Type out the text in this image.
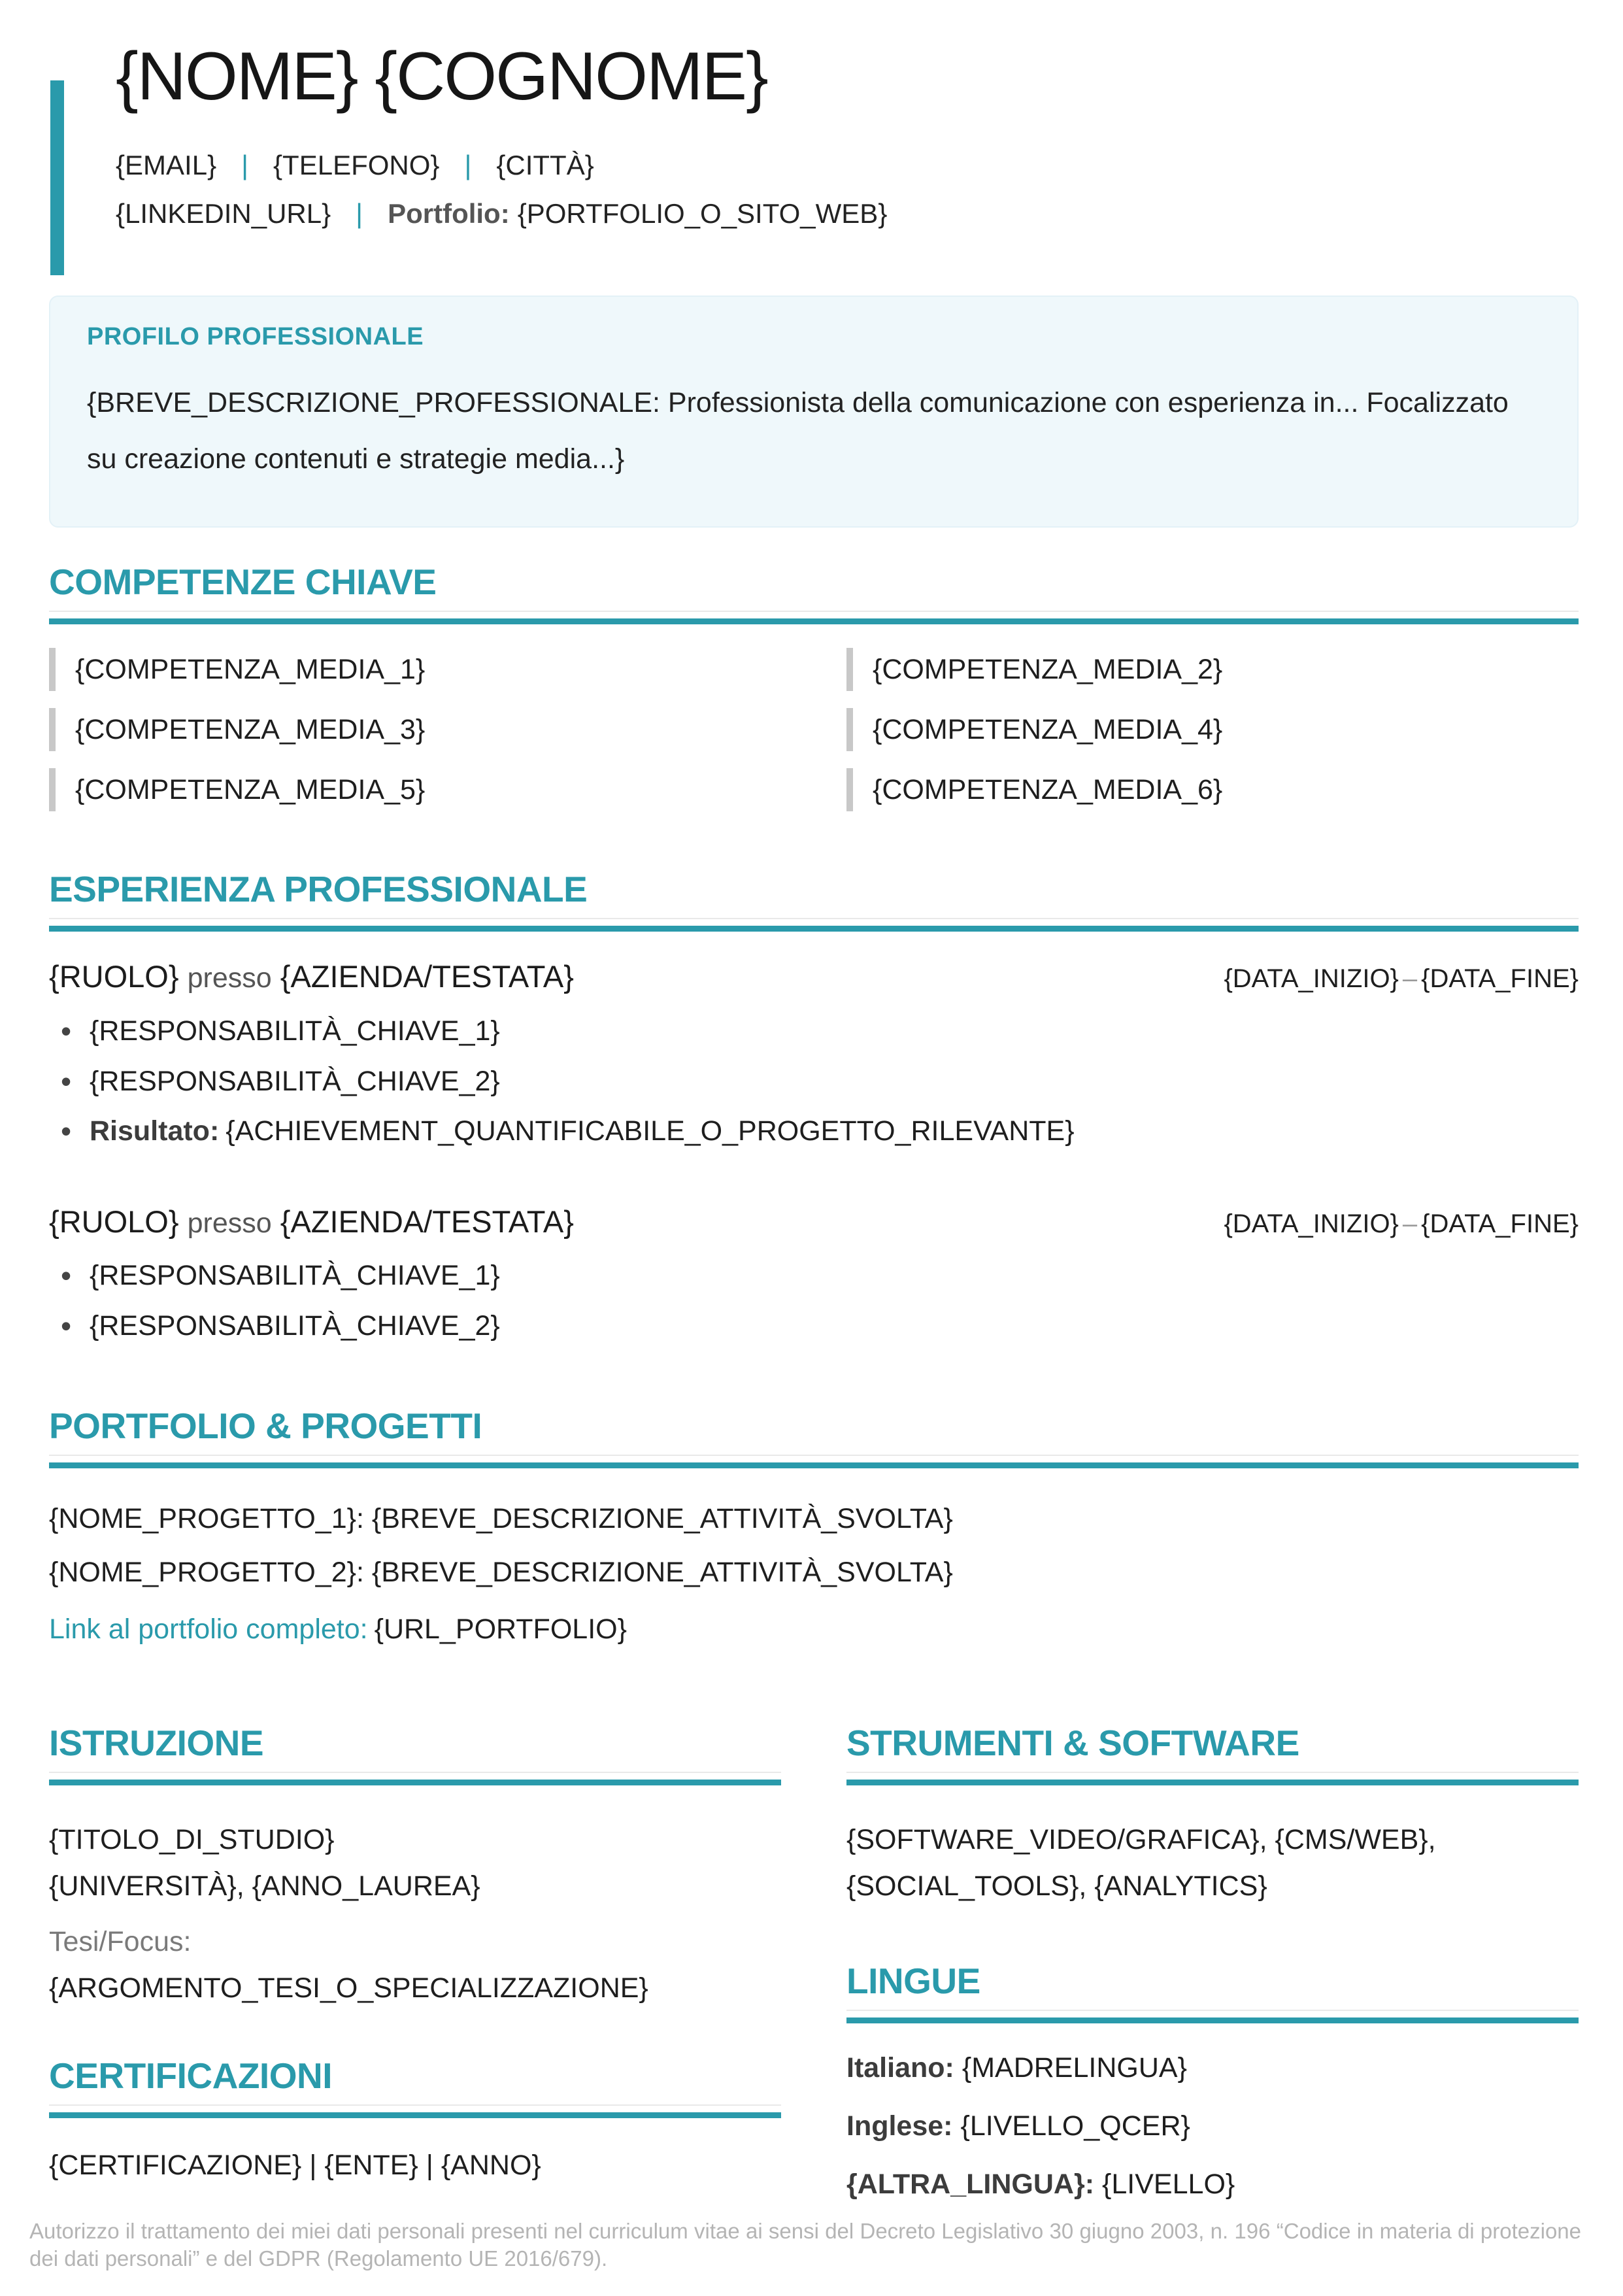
{NOME} {COGNOME}
{EMAIL} | {TELEFONO} | {CITTÀ}
{LINKEDIN_URL} | Portfolio: {PORTFOLIO_O_SITO_WEB}
PROFILO PROFESSIONALE

{BREVE_DESCRIZIONE_PROFESSIONALE: Professionista della comunicazione con esperienza in... Focalizzato su creazione contenuti e strategie media...}

COMPETENZE CHIAVE
{COMPETENZA_MEDIA_1}	{COMPETENZA_MEDIA_2}
{COMPETENZA_MEDIA_3}	{COMPETENZA_MEDIA_4}
{COMPETENZA_MEDIA_5}	{COMPETENZA_MEDIA_6}
ESPERIENZA PROFESSIONALE
{RUOLO} presso {AZIENDA/TESTATA}	{DATA_INIZIO} – {DATA_FINE}
• {RESPONSABILITÀ_CHIAVE_1}
• {RESPONSABILITÀ_CHIAVE_2}
• Risultato: {ACHIEVEMENT_QUANTIFICABILE_O_PROGETTO_RILEVANTE}
{RUOLO} presso {AZIENDA/TESTATA}	{DATA_INIZIO} – {DATA_FINE}
• {RESPONSABILITÀ_CHIAVE_1}
• {RESPONSABILITÀ_CHIAVE_2}
PORTFOLIO & PROGETTI

{NOME_PROGETTO_1}: {BREVE_DESCRIZIONE_ATTIVITÀ_SVOLTA}

{NOME_PROGETTO_2}: {BREVE_DESCRIZIONE_ATTIVITÀ_SVOLTA}

Link al portfolio completo: {URL_PORTFOLIO}

ISTRUZIONE

{TITOLO_DI_STUDIO}
{UNIVERSITÀ}, {ANNO_LAUREA}

Tesi/Focus:{ARGOMENTO_TESI_O_SPECIALIZZAZIONE}

CERTIFICAZIONI

{CERTIFICAZIONE} | {ENTE} | {ANNO}

STRUMENTI & SOFTWARE

{SOFTWARE_VIDEO/GRAFICA}, {CMS/WEB},
{SOCIAL_TOOLS}, {ANALYTICS}

LINGUE
Italiano: {MADRELINGUA}
Inglese: {LIVELLO_QCER}
{ALTRA_LINGUA}: {LIVELLO}

Autorizzo il trattamento dei miei dati personali presenti nel curriculum vitae ai sensi del Decreto Legislativo 30 giugno 2003, n. 196 “Codice in materia di protezione dei dati personali” e del GDPR (Regolamento UE 2016/679).
